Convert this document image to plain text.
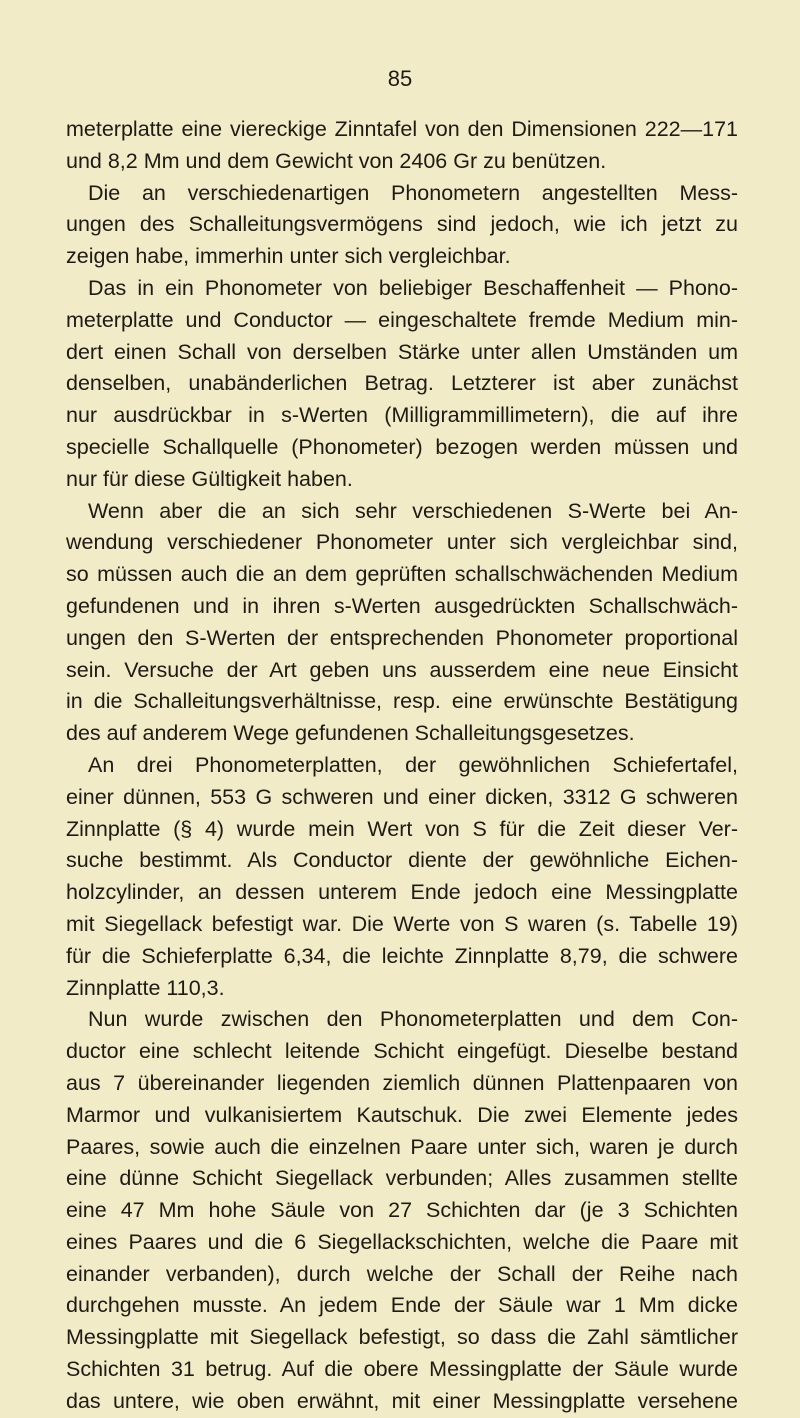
85
meterplatte eine viereckige Zinntafel von den Dimensionen 222—171
und 8,2 Mm und dem Gewicht von 2406 Gr zu benützen.
Die an verschiedenartigen Phonometern angestellten Mess-
ungen des Schalleitungsvermögens sind jedoch, wie ich jetzt zu
zeigen habe, immerhin unter sich vergleichbar.
Das in ein Phonometer von beliebiger Beschaffenheit — Phono-
meterplatte und Conductor — eingeschaltete fremde Medium min-
dert einen Schall von derselben Stärke unter allen Umständen um
denselben, unabänderlichen Betrag. Letzterer ist aber zunächst
nur ausdrückbar in s-Werten (Milligrammillimetern), die auf ihre
specielle Schallquelle (Phonometer) bezogen werden müssen und
nur für diese Gültigkeit haben.
Wenn aber die an sich sehr verschiedenen S-Werte bei An-
wendung verschiedener Phonometer unter sich vergleichbar sind,
so müssen auch die an dem geprüften schallschwächenden Medium
gefundenen und in ihren s-Werten ausgedrückten Schallschwäch-
ungen den S-Werten der entsprechenden Phonometer proportional
sein. Versuche der Art geben uns ausserdem eine neue Einsicht
in die Schalleitungsverhältnisse, resp. eine erwünschte Bestätigung
des auf anderem Wege gefundenen Schalleitungsgesetzes.
An drei Phonometerplatten, der gewöhnlichen Schiefertafel,
einer dünnen, 553 G schweren und einer dicken, 3312 G schweren
Zinnplatte (§ 4) wurde mein Wert von S für die Zeit dieser Ver-
suche bestimmt. Als Conductor diente der gewöhnliche Eichen-
holzcylinder, an dessen unterem Ende jedoch eine Messingplatte
mit Siegellack befestigt war. Die Werte von S waren (s. Tabelle 19)
für die Schieferplatte 6,34, die leichte Zinnplatte 8,79, die schwere
Zinnplatte 110,3.
Nun wurde zwischen den Phonometerplatten und dem Con-
ductor eine schlecht leitende Schicht eingefügt. Dieselbe bestand
aus 7 übereinander liegenden ziemlich dünnen Plattenpaaren von
Marmor und vulkanisiertem Kautschuk. Die zwei Elemente jedes
Paares, sowie auch die einzelnen Paare unter sich, waren je durch
eine dünne Schicht Siegellack verbunden; Alles zusammen stellte
eine 47 Mm hohe Säule von 27 Schichten dar (je 3 Schichten
eines Paares und die 6 Siegellackschichten, welche die Paare mit
einander verbanden), durch welche der Schall der Reihe nach
durchgehen musste. An jedem Ende der Säule war 1 Mm dicke
Messingplatte mit Siegellack befestigt, so dass die Zahl sämtlicher
Schichten 31 betrug. Auf die obere Messingplatte der Säule wurde
das untere, wie oben erwähnt, mit einer Messingplatte versehene
